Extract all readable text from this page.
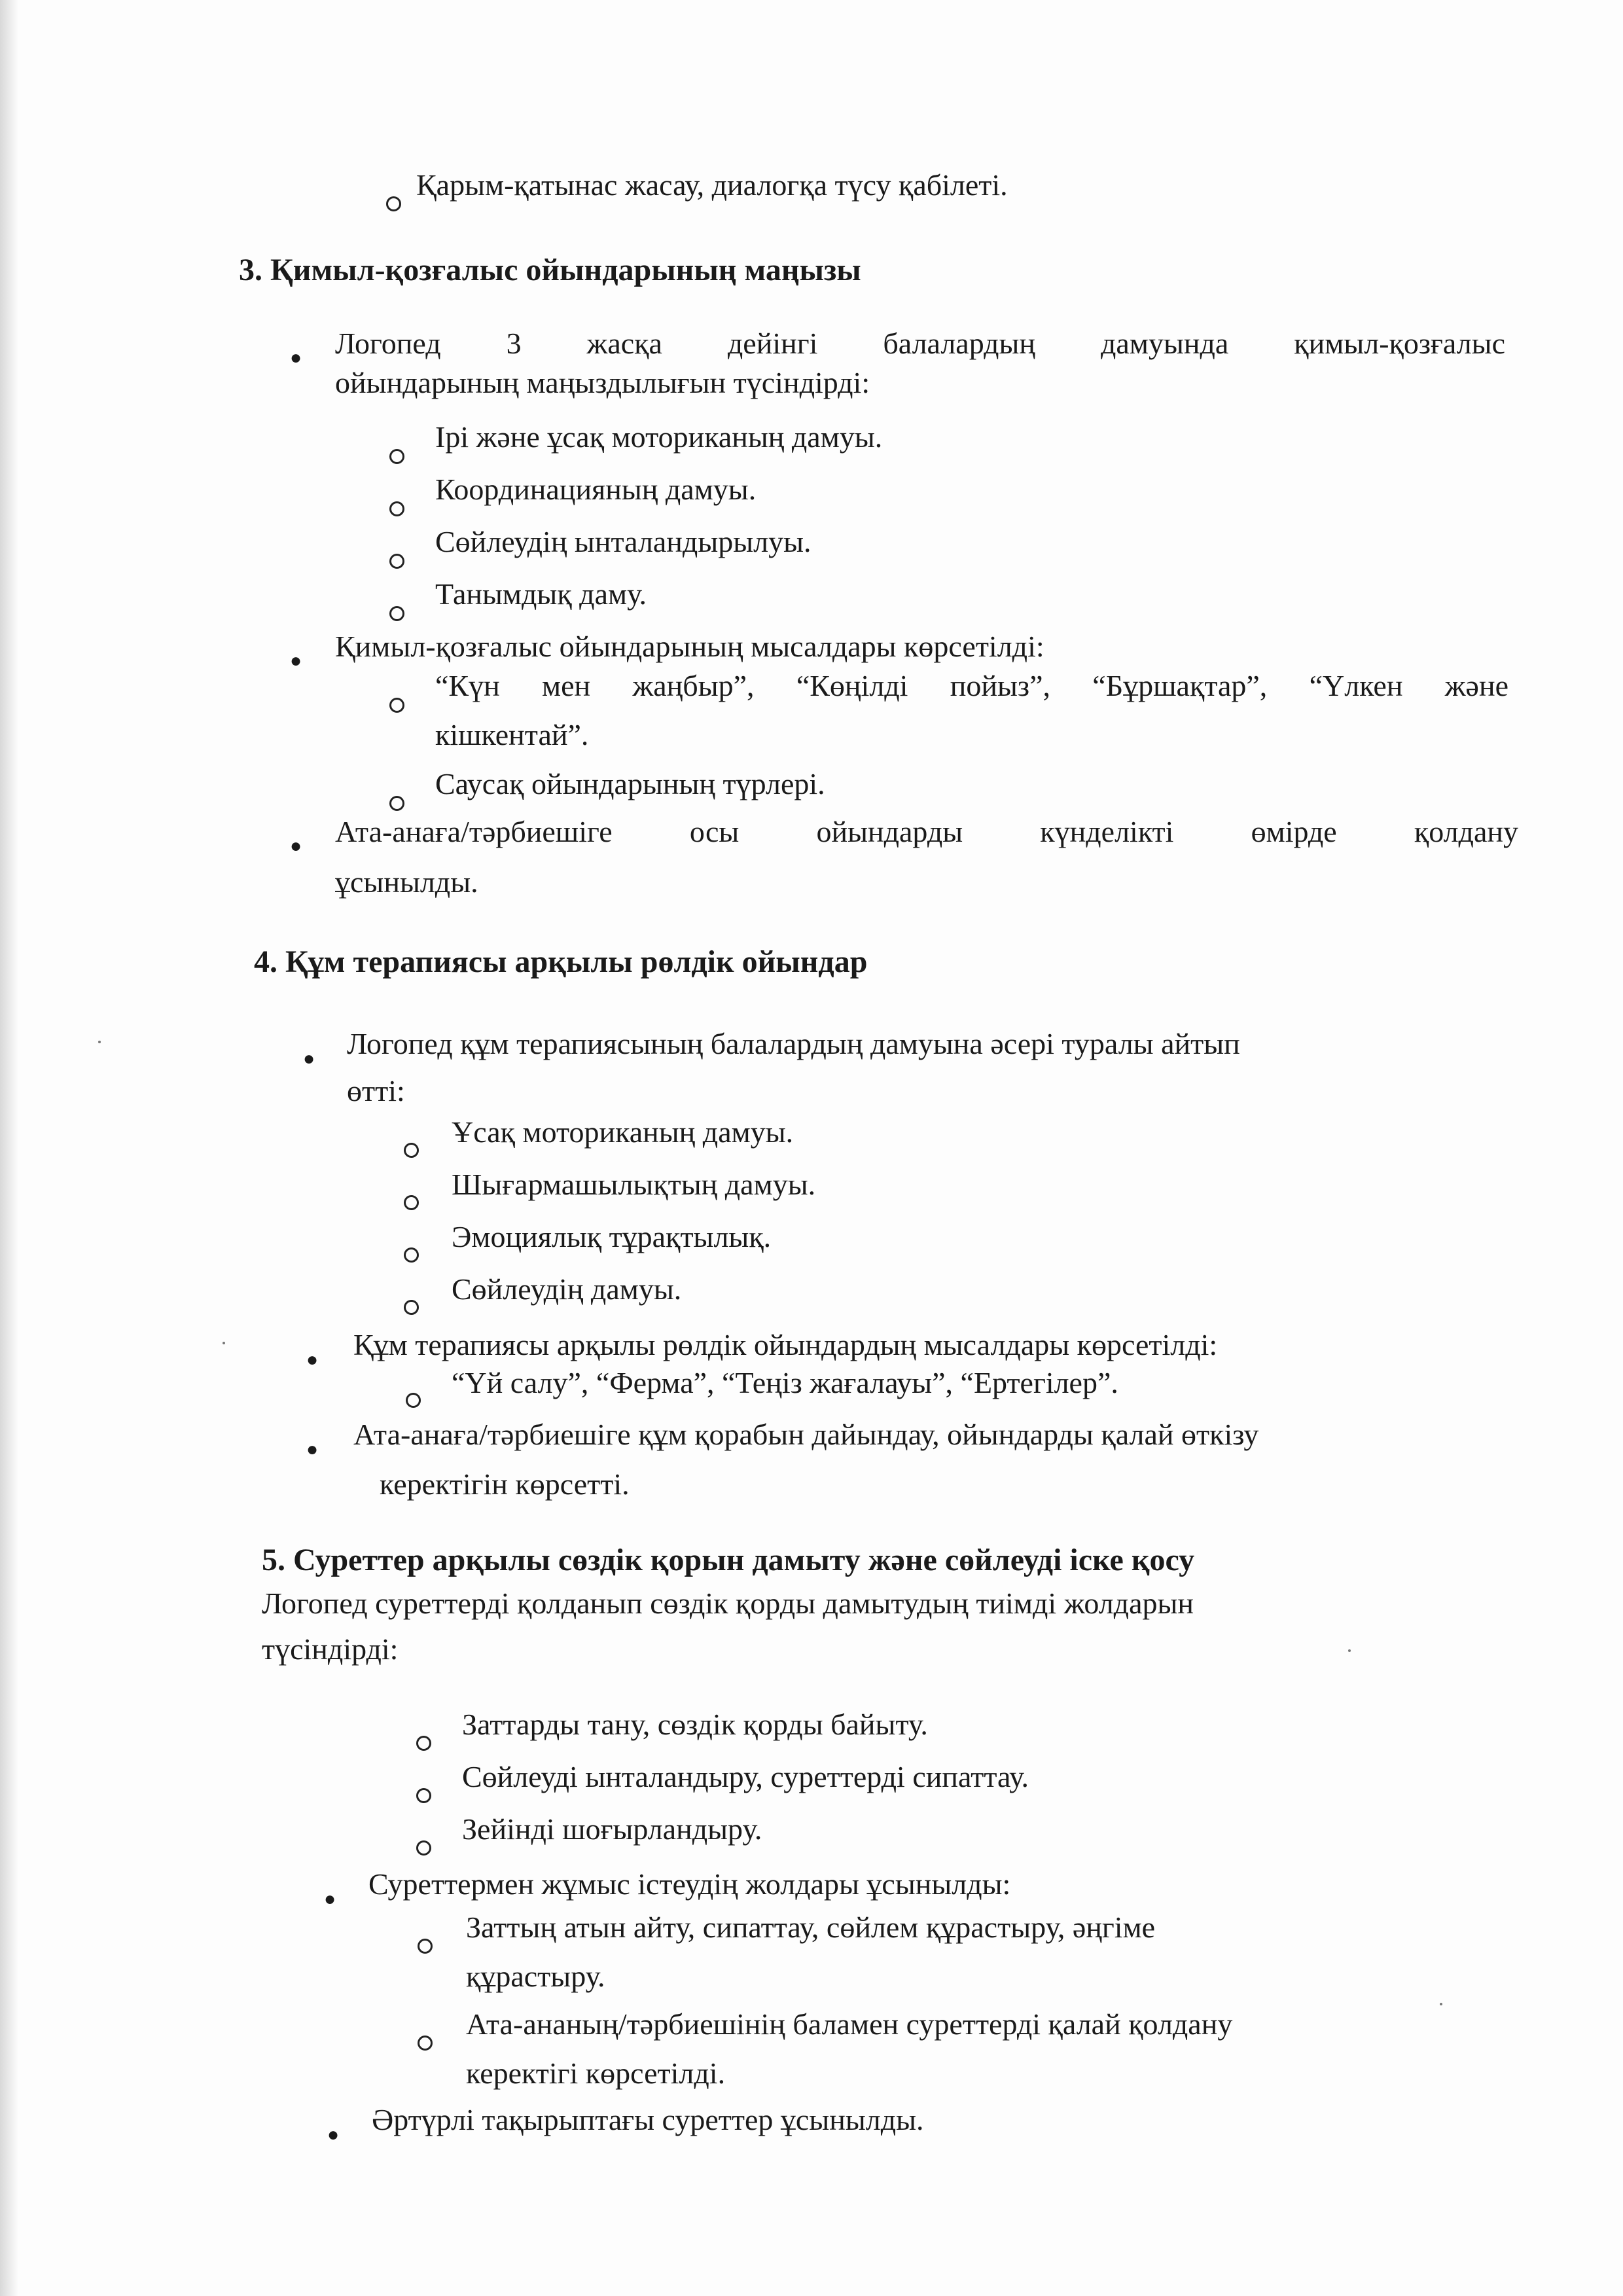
Қарым-қатынас жасау, диалогқа түсу қабілеті.
3. Қимыл-қозғалыс ойындарының маңызы
● Логопед 3 жасқа дейінгі балалардың дамуында қимыл-қозғалыс
ойындарының маңыздылығын түсіндірді:
Ірі және ұсақ моториканың дамуы.
Координацияның дамуы.
Сөйлеудің ынталандырылуы.
Танымдық даму.
● Қимыл-қозғалыс ойындарының мысалдары көрсетілді:
“Күн мен жаңбыр”, “Көңілді пойыз”, “Бұршақтар”, “Үлкен және
кішкентай”.
Саусақ ойындарының түрлері.
● Ата-анаға/тәрбиешіге осы ойындарды күнделікті өмірде қолдану
ұсынылды.
4. Құм терапиясы арқылы рөлдік ойындар
● Логопед құм терапиясының балалардың дамуына әсері туралы айтып
өтті:
Ұсақ моториканың дамуы.
Шығармашылықтың дамуы.
Эмоциялық тұрақтылық.
Сөйлеудің дамуы.
● Құм терапиясы арқылы рөлдік ойындардың мысалдары көрсетілді:
“Үй салу”, “Ферма”, “Теңіз жағалауы”, “Ертегілер”.
● Ата-анаға/тәрбиешіге құм қорабын дайындау, ойындарды қалай өткізу
керектігін көрсетті.
5. Суреттер арқылы сөздік қорын дамыту және сөйлеуді іске қосу
Логопед суреттерді қолданып сөздік қорды дамытудың тиімді жолдарын
түсіндірді:
Заттарды тану, сөздік қорды байыту.
Сөйлеуді ынталандыру, суреттерді сипаттау.
Зейінді шоғырландыру.
● Суреттермен жұмыс істеудің жолдары ұсынылды:
Заттың атын айту, сипаттау, сөйлем құрастыру, әңгіме
құрастыру.
Ата-ананың/тәрбиешінің баламен суреттерді қалай қолдану
керектігі көрсетілді.
● Әртүрлі тақырыптағы суреттер ұсынылды.
